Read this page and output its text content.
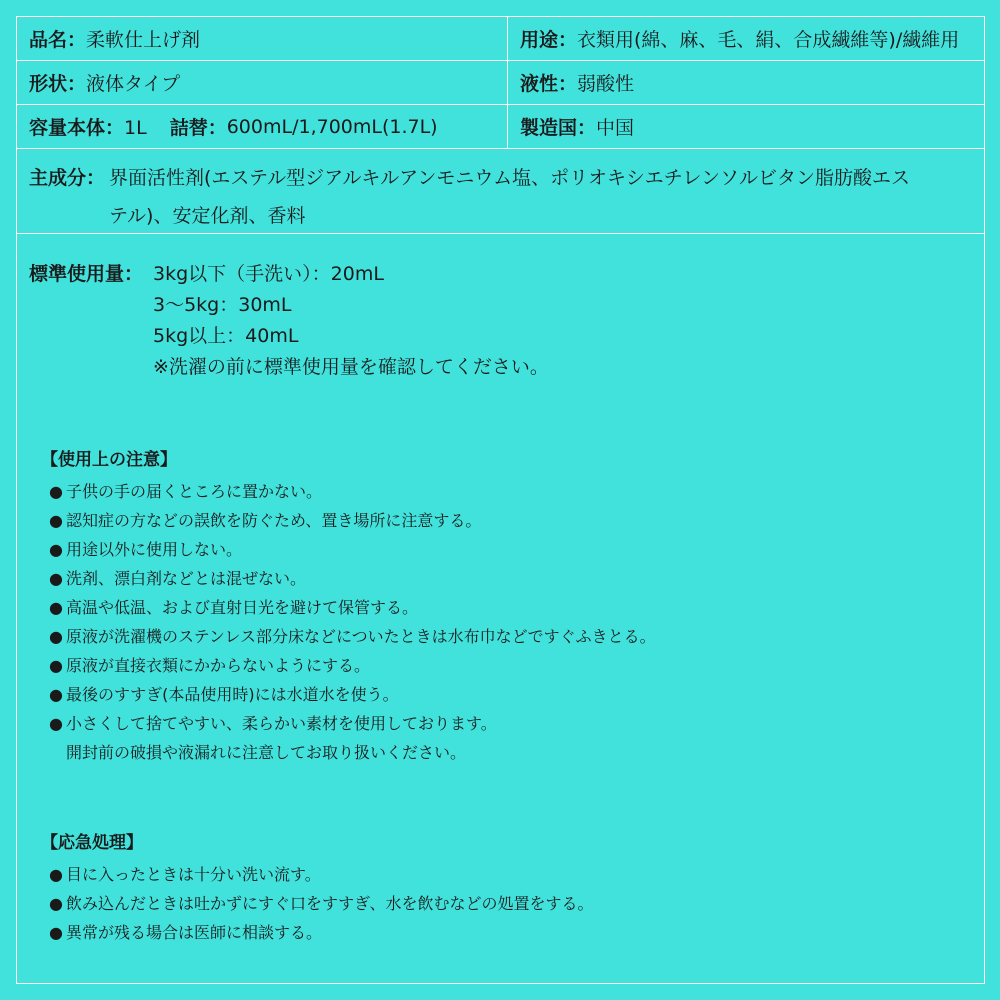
品名： 柔軟仕上げ剤	用途： 衣類用(綿、麻、毛、絹、合成繊維等)/繊維用
形状： 液体タイプ	液性： 弱酸性
容量本体： 1L　 詰替： 600mL/1,700mL(1.7L)	製造国： 中国
主成分： 界面活性剤(エステル型ジアルキルアンモニウム塩、ポリオキシエチレンソルビタン脂肪酸エス
テル)、安定化剤、香料
標準使用量： 3kg以下（手洗い）：20mL
3～5kg：30mL
5kg以上：40mL
※洗濯の前に標準使用量を確認してください。
【使用上の注意】
● 子供の手の届くところに置かない。
● 認知症の方などの誤飲を防ぐため、置き場所に注意する。
● 用途以外に使用しない。
● 洗剤、漂白剤などとは混ぜない。
● 高温や低温、および直射日光を避けて保管する。
● 原液が洗濯機のステンレス部分床などについたときは水布巾などですぐふきとる。
● 原液が直接衣類にかからないようにする。
● 最後のすすぎ(本品使用時)には水道水を使う。
● 小さくして捨てやすい、柔らかい素材を使用しております。
開封前の破損や液漏れに注意してお取り扱いください。
【応急処理】
● 目に入ったときは十分い洗い流す。
● 飲み込んだときは吐かずにすぐ口をすすぎ、水を飲むなどの処置をする。
● 異常が残る場合は医師に相談する。
